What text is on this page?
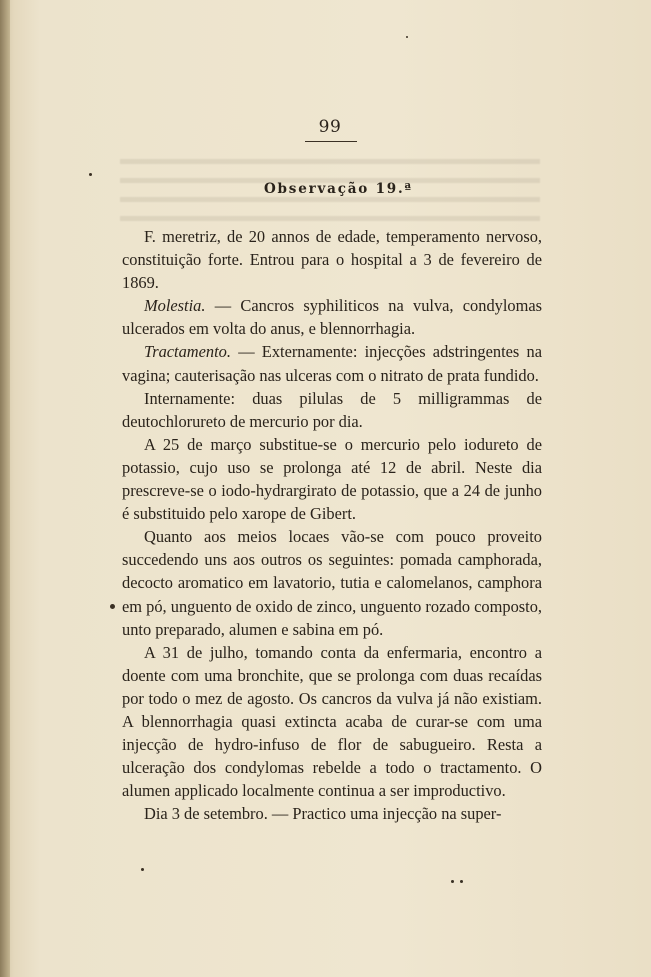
99
Observação 19.ª

F. meretriz, de 20 annos de edade, temperamento nervoso, constituição forte. Entrou para o hospital a 3 de fevereiro de 1869.

Molestia. — Cancros syphiliticos na vulva, condylomas ulcerados em volta do anus, e blennorrhagia.

Tractamento. — Externamente: injecções adstringentes na vagina; cauterisação nas ulceras com o nitrato de prata fundido.

Internamente: duas pilulas de 5 milligrammas de deutochlorureto de mercurio por dia.

A 25 de março substitue-se o mercurio pelo iodureto de potassio, cujo uso se prolonga até 12 de abril. Neste dia prescreve-se o iodo-hydrargirato de potassio, que a 24 de junho é substituido pelo xarope de Gibert.

Quanto aos meios locaes vão-se com pouco proveito succedendo uns aos outros os seguintes: pomada camphorada, decocto aromatico em lavatorio, tutia e calomelanos, camphora em pó, unguento de oxido de zinco, unguento rozado composto, unto preparado, alumen e sabina em pó.

A 31 de julho, tomando conta da enfermaria, encontro a doente com uma bronchite, que se prolonga com duas recaídas por todo o mez de agosto. Os cancros da vulva já não existiam. A blennorrhagia quasi extincta acaba de curar-se com uma injecção de hydro-infuso de flor de sabugueiro. Resta a ulceração dos condylomas rebelde a todo o tractamento. O alumen applicado localmente continua a ser improductivo.

Dia 3 de setembro. — Practico uma injecção na super-
